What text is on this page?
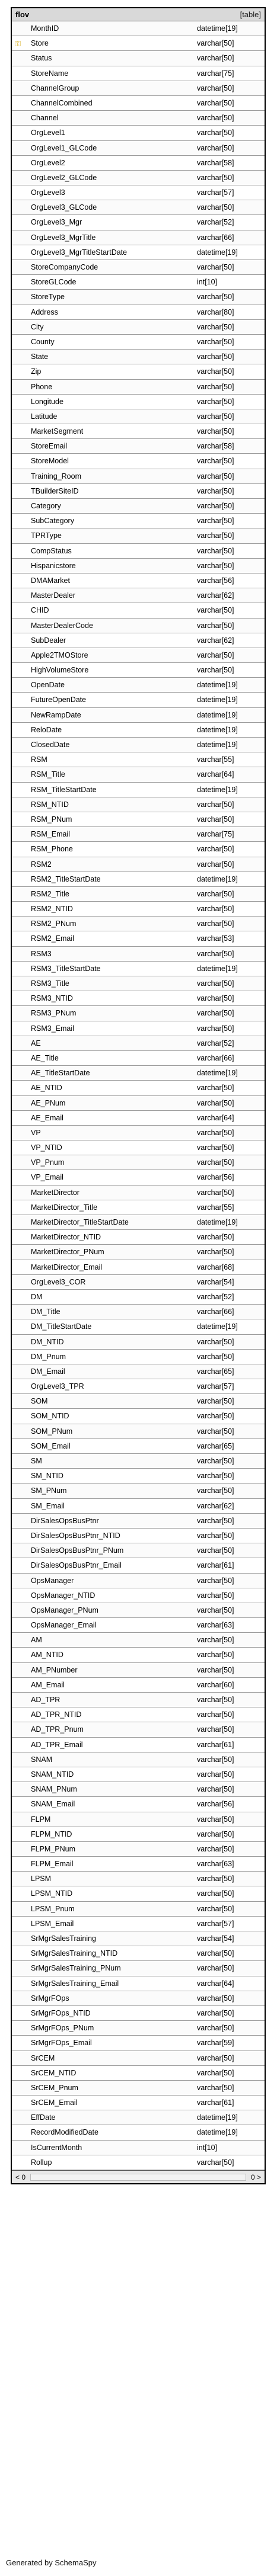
flov	[table]
MonthID	datetime[19]
⚿ Store	varchar[50]
Status	varchar[50]
StoreName	varchar[75]
ChannelGroup	varchar[50]
ChannelCombined	varchar[50]
Channel	varchar[50]
OrgLevel1	varchar[50]
OrgLevel1_GLCode	varchar[50]
OrgLevel2	varchar[58]
OrgLevel2_GLCode	varchar[50]
OrgLevel3	varchar[57]
OrgLevel3_GLCode	varchar[50]
OrgLevel3_Mgr	varchar[52]
OrgLevel3_MgrTitle	varchar[66]
OrgLevel3_MgrTitleStartDate	datetime[19]
StoreCompanyCode	varchar[50]
StoreGLCode	int[10]
StoreType	varchar[50]
Address	varchar[80]
City	varchar[50]
County	varchar[50]
State	varchar[50]
Zip	varchar[50]
Phone	varchar[50]
Longitude	varchar[50]
Latitude	varchar[50]
MarketSegment	varchar[50]
StoreEmail	varchar[58]
StoreModel	varchar[50]
Training_Room	varchar[50]
TBuilderSiteID	varchar[50]
Category	varchar[50]
SubCategory	varchar[50]
TPRType	varchar[50]
CompStatus	varchar[50]
Hispanicstore	varchar[50]
DMAMarket	varchar[56]
MasterDealer	varchar[62]
CHID	varchar[50]
MasterDealerCode	varchar[50]
SubDealer	varchar[62]
Apple2TMOStore	varchar[50]
HighVolumeStore	varchar[50]
OpenDate	datetime[19]
FutureOpenDate	datetime[19]
NewRampDate	datetime[19]
RelоDate	datetime[19]
ClosedDate	datetime[19]
RSM	varchar[55]
RSM_Title	varchar[64]
RSM_TitleStartDate	datetime[19]
RSM_NTID	varchar[50]
RSM_PNum	varchar[50]
RSM_Email	varchar[75]
RSM_Phone	varchar[50]
RSM2	varchar[50]
RSM2_TitleStartDate	datetime[19]
RSM2_Title	varchar[50]
RSM2_NTID	varchar[50]
RSM2_PNum	varchar[50]
RSM2_Email	varchar[53]
RSM3	varchar[50]
RSM3_TitleStartDate	datetime[19]
RSM3_Title	varchar[50]
RSM3_NTID	varchar[50]
RSM3_PNum	varchar[50]
RSM3_Email	varchar[50]
AE	varchar[52]
AE_Title	varchar[66]
AE_TitleStartDate	datetime[19]
AE_NTID	varchar[50]
AE_PNum	varchar[50]
AE_Email	varchar[64]
VP	varchar[50]
VP_NTID	varchar[50]
VP_Pnum	varchar[50]
VP_Email	varchar[56]
MarketDirector	varchar[50]
MarketDirector_Title	varchar[55]
MarketDirector_TitleStartDate	datetime[19]
MarketDirector_NTID	varchar[50]
MarketDirector_PNum	varchar[50]
MarketDirector_Email	varchar[68]
OrgLevel3_COR	varchar[54]
DM	varchar[52]
DM_Title	varchar[66]
DM_TitleStartDate	datetime[19]
DM_NTID	varchar[50]
DM_Pnum	varchar[50]
DM_Email	varchar[65]
OrgLevel3_TPR	varchar[57]
SOM	varchar[50]
SOM_NTID	varchar[50]
SOM_PNum	varchar[50]
SOM_Email	varchar[65]
SM	varchar[50]
SM_NTID	varchar[50]
SM_PNum	varchar[50]
SM_Email	varchar[62]
DirSalesOpsBusPtnr	varchar[50]
DirSalesOpsBusPtnr_NTID	varchar[50]
DirSalesOpsBusPtnr_PNum	varchar[50]
DirSalesOpsBusPtnr_Email	varchar[61]
OpsManager	varchar[50]
OpsManager_NTID	varchar[50]
OpsManager_PNum	varchar[50]
OpsManager_Email	varchar[63]
AM	varchar[50]
AM_NTID	varchar[50]
AM_PNumber	varchar[50]
AM_Email	varchar[60]
AD_TPR	varchar[50]
AD_TPR_NTID	varchar[50]
AD_TPR_Pnum	varchar[50]
AD_TPR_Email	varchar[61]
SNAM	varchar[50]
SNAM_NTID	varchar[50]
SNAM_PNum	varchar[50]
SNAM_Email	varchar[56]
FLPM	varchar[50]
FLPM_NTID	varchar[50]
FLPM_PNum	varchar[50]
FLPM_Email	varchar[63]
LPSM	varchar[50]
LPSM_NTID	varchar[50]
LPSM_Pnum	varchar[50]
LPSM_Email	varchar[57]
SrMgrSalesTraining	varchar[54]
SrMgrSalesTraining_NTID	varchar[50]
SrMgrSalesTraining_PNum	varchar[50]
SrMgrSalesTraining_Email	varchar[64]
SrMgrFOps	varchar[50]
SrMgrFOps_NTID	varchar[50]
SrMgrFOps_PNum	varchar[50]
SrMgrFOps_Email	varchar[59]
SrCEM	varchar[50]
SrCEM_NTID	varchar[50]
SrCEM_Pnum	varchar[50]
SrCEM_Email	varchar[61]
EffDate	datetime[19]
RecordModifiedDate	datetime[19]
IsCurrentMonth	int[10]
Rollup	varchar[50]
< 0	0 >
Generated by SchemaSpy
